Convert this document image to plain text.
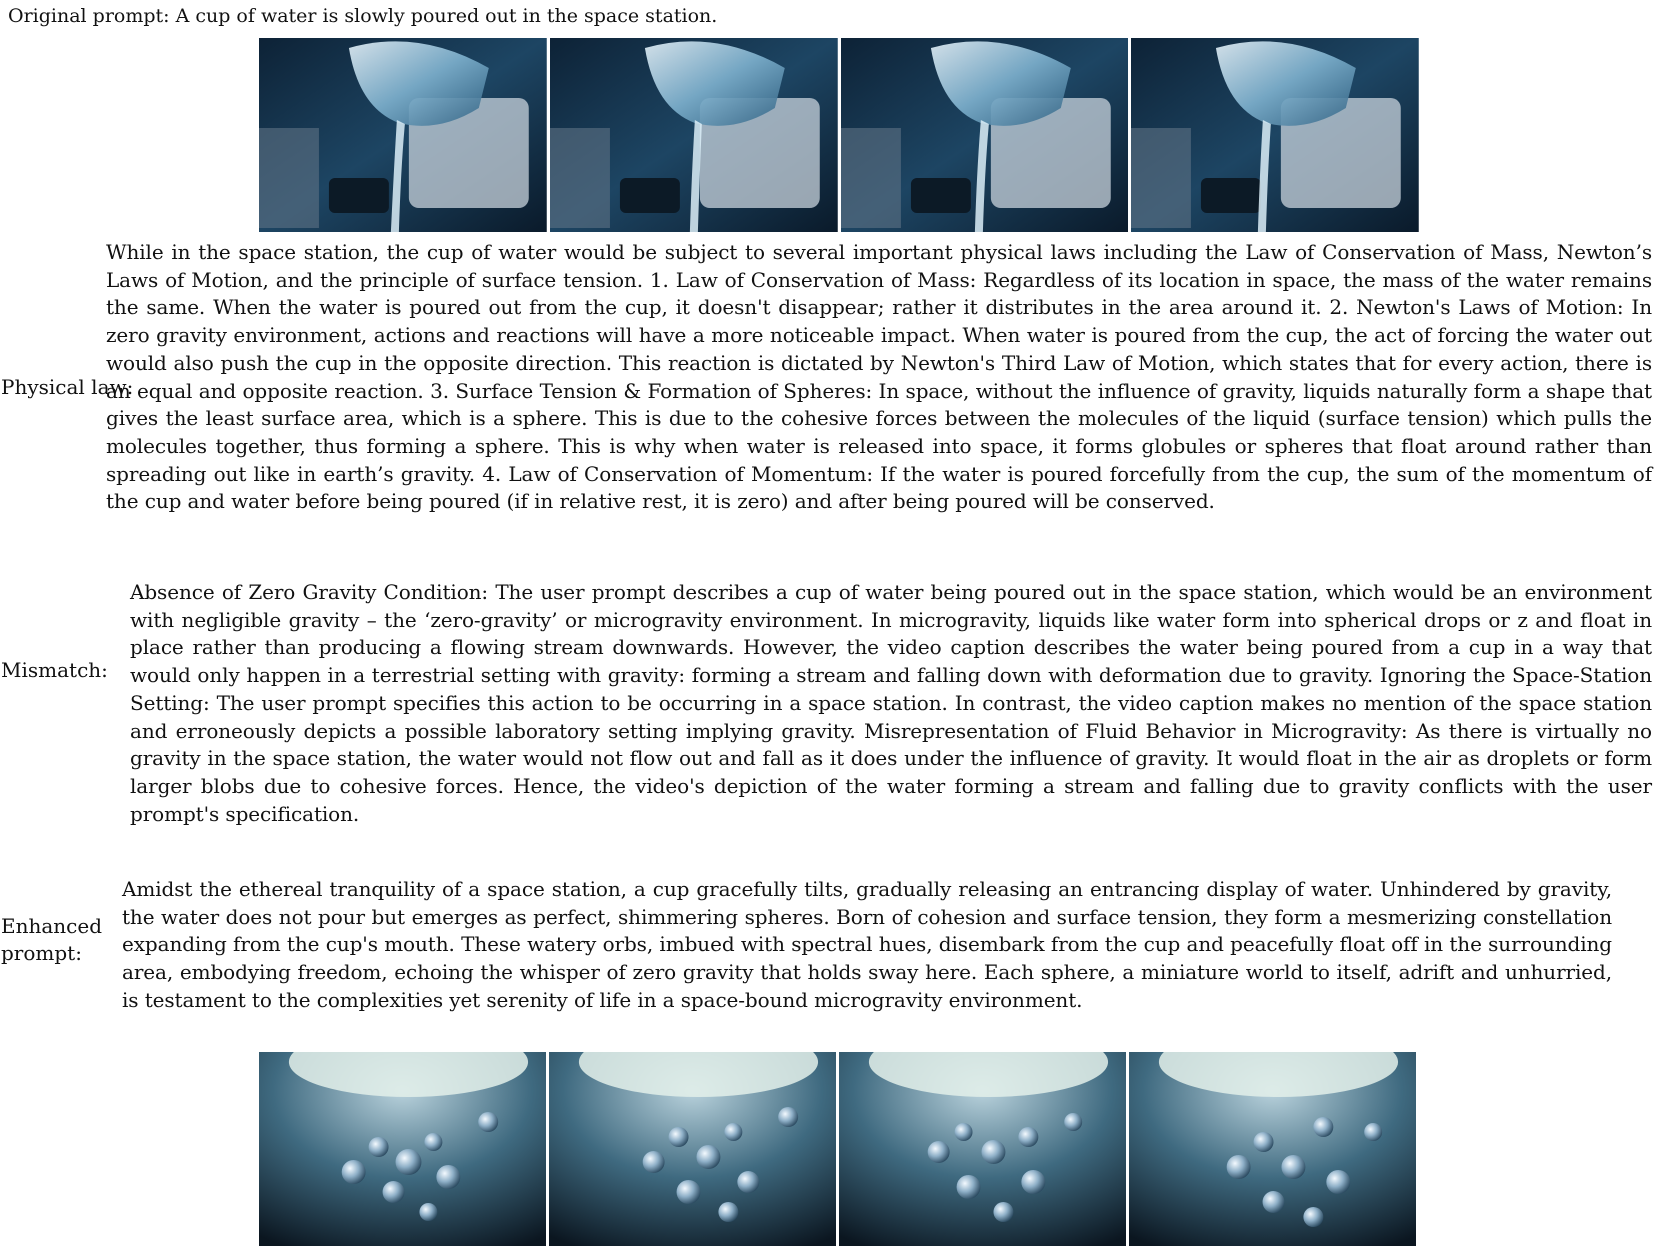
Original prompt: A cup of water is slowly poured out in the space station.
Physical law:
While in the space station, the cup of water would be subject to several important physical laws including the Law of Conservation of Mass, Newton’s Laws of Motion, and the principle of surface tension. 1. Law of Conservation of Mass: Regardless of its location in space, the mass of the water remains the same. When the water is poured out from the cup, it doesn't disappear; rather it distributes in the area around it. 2. Newton's Laws of Motion: In zero gravity environment, actions and reactions will have a more noticeable impact. When water is poured from the cup, the act of forcing the water out would also push the cup in the opposite direction. This reaction is dictated by Newton's Third Law of Motion, which states that for every action, there is an equal and opposite reaction. 3. Surface Tension & Formation of Spheres: In space, without the influence of gravity, liquids naturally form a shape that gives the least surface area, which is a sphere. This is due to the cohesive forces between the molecules of the liquid (surface tension) which pulls the molecules together, thus forming a sphere. This is why when water is released into space, it forms globules or spheres that float around rather than spreading out like in earth’s gravity. 4. Law of Conservation of Momentum: If the water is poured forcefully from the cup, the sum of the momentum of the cup and water before being poured (if in relative rest, it is zero) and after being poured will be conserved.
Mismatch:
Absence of Zero Gravity Condition: The user prompt describes a cup of water being poured out in the space station, which would be an environment with negligible gravity – the ‘zero-gravity’ or microgravity environment. In microgravity, liquids like water form into spherical drops or z and float in place rather than producing a flowing stream downwards. However, the video caption describes the water being poured from a cup in a way that would only happen in a terrestrial setting with gravity: forming a stream and falling down with deformation due to gravity. Ignoring the Space-Station Setting: The user prompt specifies this action to be occurring in a space station. In contrast, the video caption makes no mention of the space station and erroneously depicts a possible laboratory setting implying gravity. Misrepresentation of Fluid Behavior in Microgravity: As there is virtually no gravity in the space station, the water would not flow out and fall as it does under the influence of gravity. It would float in the air as droplets or form larger blobs due to cohesive forces. Hence, the video's depiction of the water forming a stream and falling due to gravity conflicts with the user prompt's specification.
Enhanced prompt:
Amidst the ethereal tranquility of a space station, a cup gracefully tilts, gradually releasing an entrancing display of water. Unhindered by gravity, the water does not pour but emerges as perfect, shimmering spheres. Born of cohesion and surface tension, they form a mesmerizing constellation expanding from the cup's mouth. These watery orbs, imbued with spectral hues, disembark from the cup and peacefully float off in the surrounding area, embodying freedom, echoing the whisper of zero gravity that holds sway here. Each sphere, a miniature world to itself, adrift and unhurried, is testament to the complexities yet serenity of life in a space-bound microgravity environment.
